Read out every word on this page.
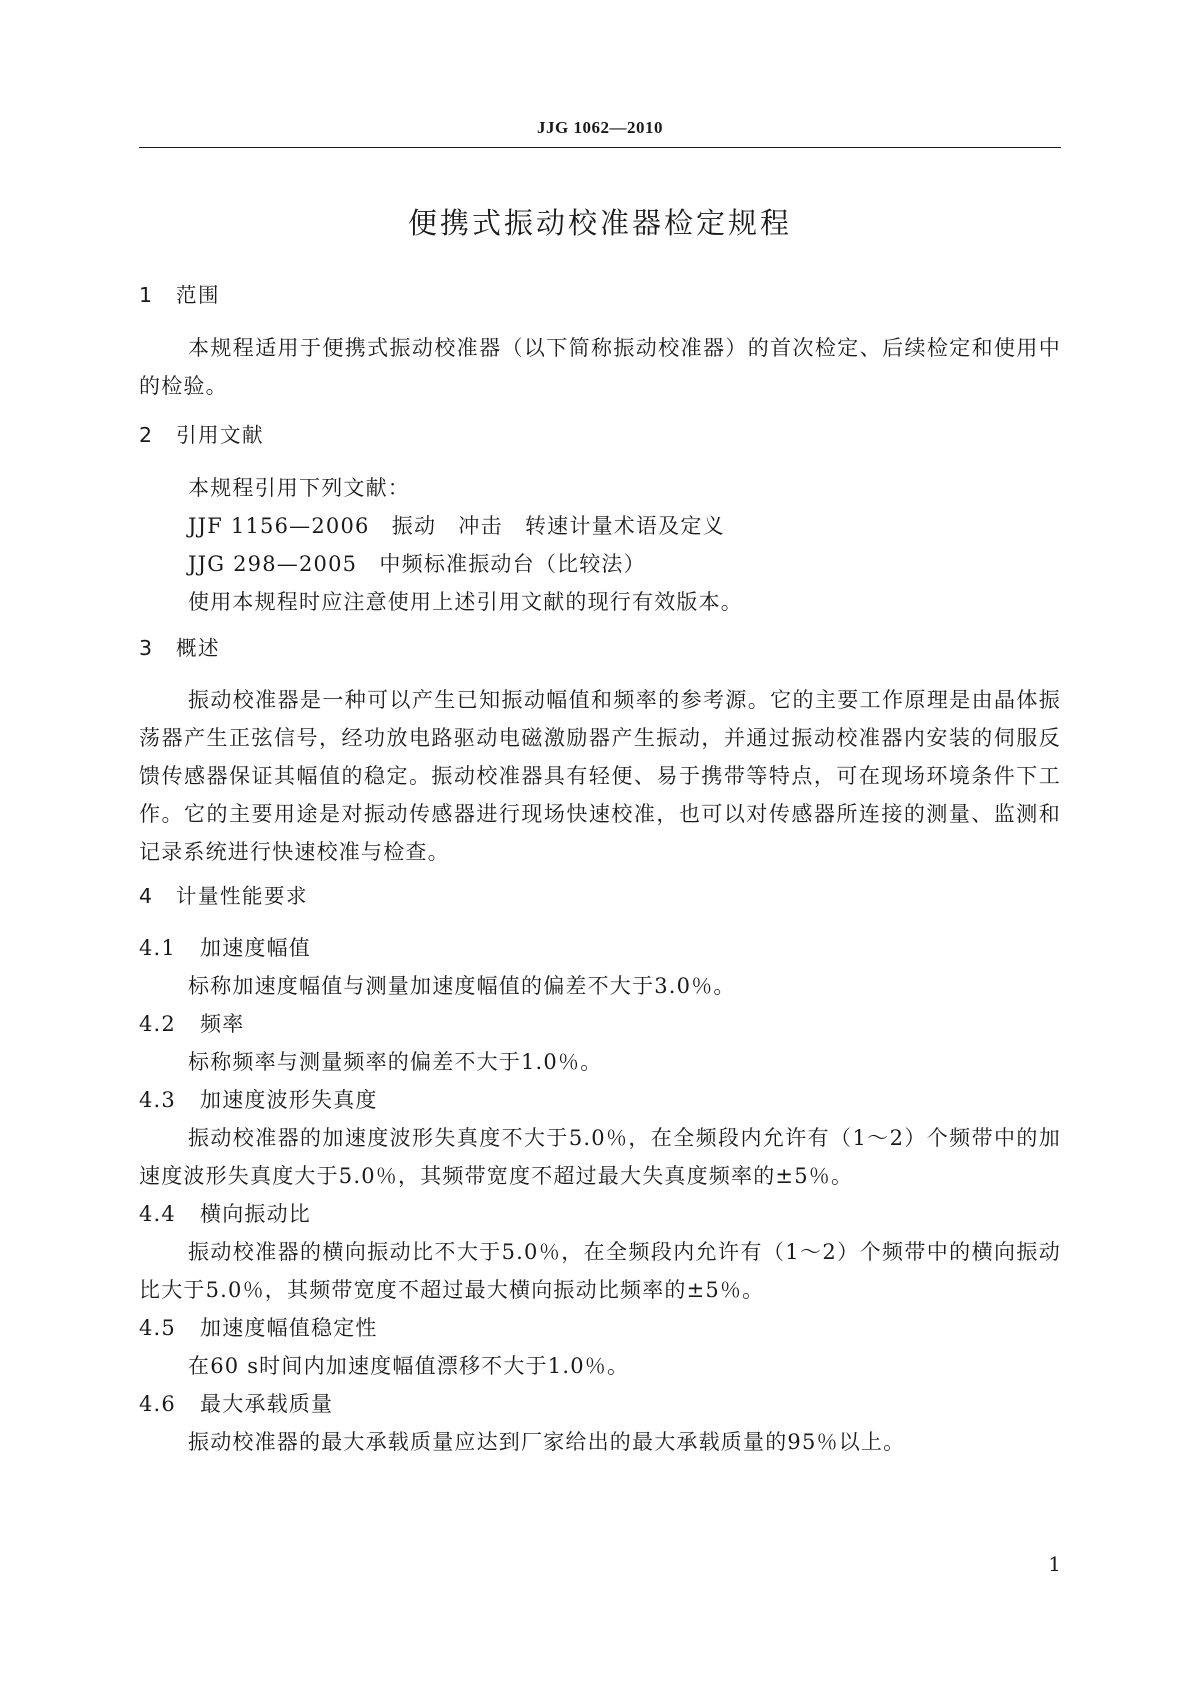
JJG 1062—2010
便携式振动校准器检定规程
1 范围
本规程适用于便携式振动校准器（以下简称振动校准器）的首次检定、后续检定和使用中的检验。
2 引用文献
本规程引用下列文献：
JJF 1156—2006　振动　冲击　转速计量术语及定义
JJG 298—2005　中频标准振动台（比较法）
使用本规程时应注意使用上述引用文献的现行有效版本。
3 概述
振动校准器是一种可以产生已知振动幅值和频率的参考源。它的主要工作原理是由晶体振荡器产生正弦信号，经功放电路驱动电磁激励器产生振动，并通过振动校准器内安装的伺服反馈传感器保证其幅值的稳定。振动校准器具有轻便、易于携带等特点，可在现场环境条件下工作。它的主要用途是对振动传感器进行现场快速校准，也可以对传感器所连接的测量、监测和记录系统进行快速校准与检查。
4 计量性能要求
4.1 加速度幅值
标称加速度幅值与测量加速度幅值的偏差不大于3.0％。
4.2 频率
标称频率与测量频率的偏差不大于1.0％。
4.3 加速度波形失真度
振动校准器的加速度波形失真度不大于5.0％，在全频段内允许有（1～2）个频带中的加速度波形失真度大于5.0％，其频带宽度不超过最大失真度频率的±5％。
4.4 横向振动比
振动校准器的横向振动比不大于5.0％，在全频段内允许有（1～2）个频带中的横向振动比大于5.0％，其频带宽度不超过最大横向振动比频率的±5％。
4.5 加速度幅值稳定性
在60 s时间内加速度幅值漂移不大于1.0％。
4.6 最大承载质量
振动校准器的最大承载质量应达到厂家给出的最大承载质量的95％以上。
1
